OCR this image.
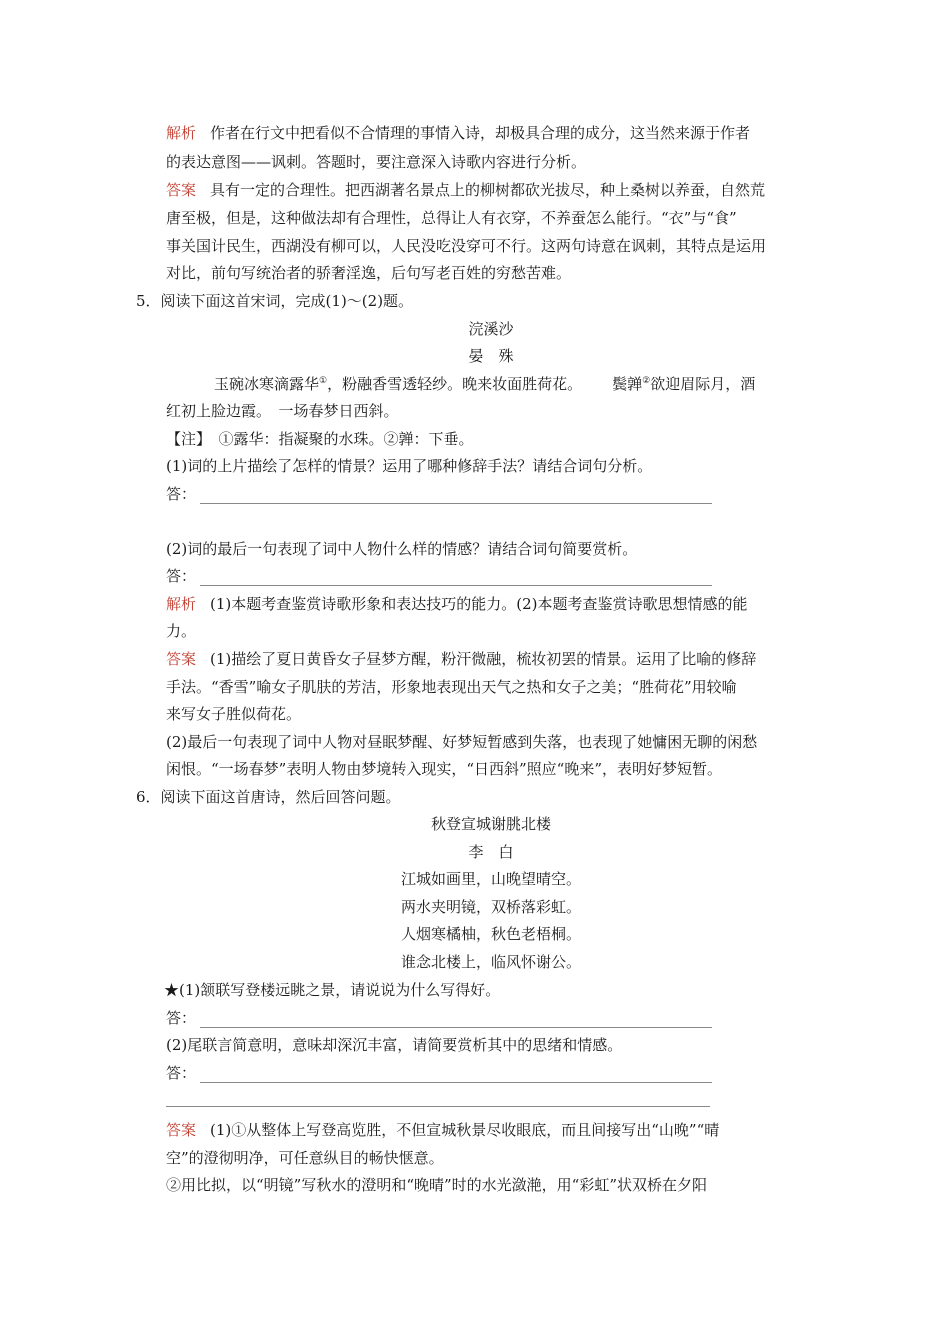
解析 作者在行文中把看似不合情理的事情入诗，却极具合理的成分，这当然来源于作者
的表达意图——讽刺。答题时，要注意深入诗歌内容进行分析。
答案 具有一定的合理性。把西湖著名景点上的柳树都砍光拔尽，种上桑树以养蚕，自然荒
唐至极，但是，这种做法却有合理性，总得让人有衣穿，不养蚕怎么能行。“衣”与“食”
事关国计民生，西湖没有柳可以，人民没吃没穿可不行。这两句诗意在讽刺，其特点是运用
对比，前句写统治者的骄奢淫逸，后句写老百姓的穷愁苦难。
5．阅读下面这首宋词，完成(1)～(2)题。
浣溪沙
晏　殊
玉碗冰寒滴露华①，粉融香雪透轻纱。晚来妆面胜荷花。 鬓亸②欲迎眉际月，酒
红初上脸边霞。　一场春梦日西斜。
【注】　①露华：指凝聚的水珠。②亸：下垂。
(1)词的上片描绘了怎样的情景？运用了哪种修辞手法？请结合词句分析。
答：
(2)词的最后一句表现了词中人物什么样的情感？请结合词句简要赏析。
答：
解析 (1)本题考查鉴赏诗歌形象和表达技巧的能力。(2)本题考查鉴赏诗歌思想情感的能
力。
答案 (1)描绘了夏日黄昏女子昼梦方醒，粉汗微融，梳妆初罢的情景。运用了比喻的修辞
手法。“香雪”喻女子肌肤的芳洁，形象地表现出天气之热和女子之美；“胜荷花”用较喻
来写女子胜似荷花。
(2)最后一句表现了词中人物对昼眠梦醒、好梦短暂感到失落，也表现了她慵困无聊的闲愁
闲恨。“一场春梦”表明人物由梦境转入现实，“日西斜”照应“晚来”，表明好梦短暂。
6．阅读下面这首唐诗，然后回答问题。
秋登宣城谢朓北楼
李　白
江城如画里，山晚望晴空。
两水夹明镜，双桥落彩虹。
人烟寒橘柚，秋色老梧桐。
谁念北楼上，临风怀谢公。
★(1)颔联写登楼远眺之景，请说说为什么写得好。
答：
(2)尾联言简意明，意味却深沉丰富，请简要赏析其中的思绪和情感。
答：
答案 (1)①从整体上写登高览胜，不但宣城秋景尽收眼底，而且间接写出“山晚”“晴
空”的澄彻明净，可任意纵目的畅快惬意。
②用比拟，以“明镜”写秋水的澄明和“晚晴”时的水光潋滟，用“彩虹”状双桥在夕阳
